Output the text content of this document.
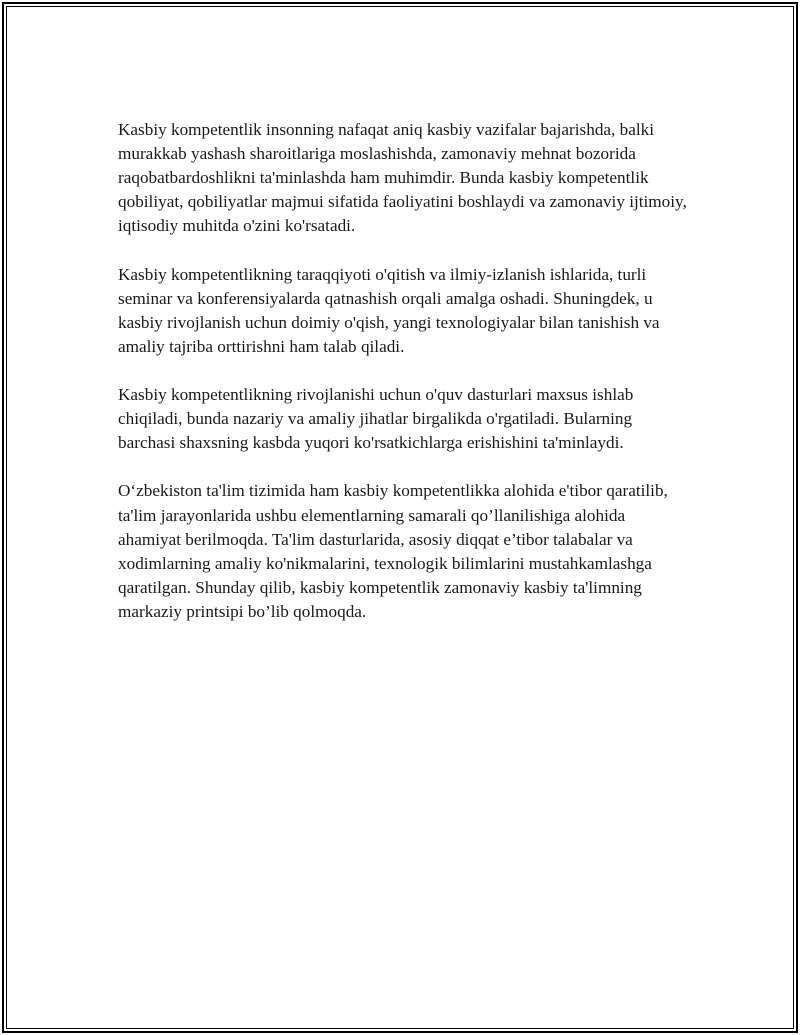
Kasbiy kompetentlik insonning nafaqat aniq kasbiy vazifalar bajarishda, balki murakkab yashash sharoitlariga moslashishda, zamonaviy mehnat bozorida raqobatbardoshlikni ta'minlashda ham muhimdir. Bunda kasbiy kompetentlik qobiliyat, qobiliyatlar majmui sifatida faoliyatini boshlaydi va zamonaviy ijtimoiy, iqtisodiy muhitda o'zini ko'rsatadi.

Kasbiy kompetentlikning taraqqiyoti o'qitish va ilmiy-izlanish ishlarida, turli seminar va konferensiyalarda qatnashish orqali amalga oshadi. Shuningdek, u kasbiy rivojlanish uchun doimiy o'qish, yangi texnologiyalar bilan tanishish va amaliy tajriba orttirishni ham talab qiladi.

Kasbiy kompetentlikning rivojlanishi uchun o'quv dasturlari maxsus ishlab chiqiladi, bunda nazariy va amaliy jihatlar birgalikda o'rgatiladi. Bularning barchasi shaxsning kasbda yuqori ko'rsatkichlarga erishishini ta'minlaydi.

O‘zbekiston ta'lim tizimida ham kasbiy kompetentlikka alohida e'tibor qaratilib, ta'lim jarayonlarida ushbu elementlarning samarali qo’llanilishiga alohida ahamiyat berilmoqda. Ta'lim dasturlarida, asosiy diqqat e’tibor talabalar va xodimlarning amaliy ko'nikmalarini, texnologik bilimlarini mustahkamlashga qaratilgan. Shunday qilib, kasbiy kompetentlik zamonaviy kasbiy ta'limning markaziy printsipi bo’lib qolmoqda.
